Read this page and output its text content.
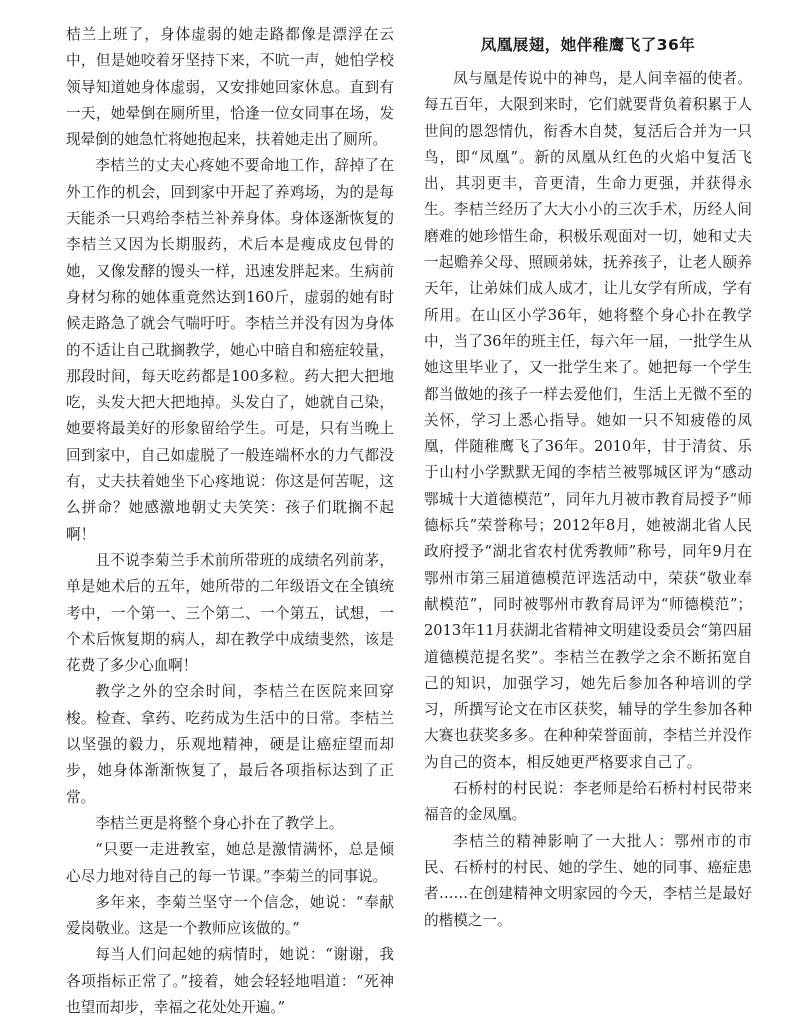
桔兰上班了，身体虚弱的她走路都像是漂浮在云中，但是她咬着牙坚持下来，不吭一声，她怕学校领导知道她身体虚弱，又安排她回家休息。直到有一天，她晕倒在厕所里，恰逢一位女同事在场，发现晕倒的她急忙将她抱起来，扶着她走出了厕所。

李桔兰的丈夫心疼她不要命地工作，辞掉了在外工作的机会，回到家中开起了养鸡场，为的是每天能杀一只鸡给李桔兰补养身体。身体逐渐恢复的李桔兰又因为长期服药，术后本是瘦成皮包骨的她，又像发酵的馒头一样，迅速发胖起来。生病前身材匀称的她体重竟然达到160斤，虚弱的她有时候走路急了就会气喘吁吁。李桔兰并没有因为身体的不适让自己耽搁教学，她心中暗自和癌症较量，那段时间，每天吃药都是100多粒。药大把大把地吃，头发大把大把地掉。头发白了，她就自己染，她要将最美好的形象留给学生。可是，只有当晚上回到家中，自己如虚脱了一般连端杯水的力气都没有，丈夫扶着她坐下心疼地说：你这是何苦呢，这么拼命？她感激地朝丈夫笑笑：孩子们耽搁不起啊！

且不说李菊兰手术前所带班的成绩名列前茅，单是她术后的五年，她所带的二年级语文在全镇统考中，一个第一、三个第二、一个第五，试想，一个术后恢复期的病人，却在教学中成绩斐然，该是花费了多少心血啊！

教学之外的空余时间，李桔兰在医院来回穿梭。检查、拿药、吃药成为生活中的日常。李桔兰以坚强的毅力，乐观地精神，硬是让癌症望而却步，她身体渐渐恢复了，最后各项指标达到了正常。

李桔兰更是将整个身心扑在了教学上。

“只要一走进教室，她总是激情满怀，总是倾心尽力地对待自己的每一节课。”李菊兰的同事说。

多年来，李菊兰坚守一个信念，她说：“奉献爱岗敬业。这是一个教师应该做的。”

每当人们问起她的病情时，她说：“谢谢，我各项指标正常了。”接着，她会轻轻地唱道：“死神也望而却步，幸福之花处处开遍。”

凤凰展翅，她伴稚鹰飞了36年

凤与凰是传说中的神鸟，是人间幸福的使者。每五百年，大限到来时，它们就要背负着积累于人世间的恩怨情仇，衔香木自焚，复活后合并为一只鸟，即“凤凰”。新的凤凰从红色的火焰中复活飞出，其羽更丰，音更清，生命力更强，并获得永生。李桔兰经历了大大小小的三次手术，历经人间磨难的她珍惜生命，积极乐观面对一切，她和丈夫一起赡养父母、照顾弟妹，抚养孩子，让老人颐养天年，让弟妹们成人成才，让儿女学有所成，学有所用。在山区小学36年，她将整个身心扑在教学中，当了36年的班主任，每六年一届，一批学生从她这里毕业了，又一批学生来了。她把每一个学生都当做她的孩子一样去爱他们，生活上无微不至的关怀，学习上悉心指导。她如一只不知疲倦的凤凰，伴随稚鹰飞了36年。2010年，甘于清贫、乐于山村小学默默无闻的李桔兰被鄂城区评为“感动鄂城十大道德模范”，同年九月被市教育局授予“师德标兵”荣誉称号；2012年8月，她被湖北省人民政府授予“湖北省农村优秀教师”称号，同年9月在鄂州市第三届道德模范评选活动中，荣获“敬业奉献模范”，同时被鄂州市教育局评为“师德模范”；2013年11月获湖北省精神文明建设委员会“第四届道德模范提名奖”。李桔兰在教学之余不断拓宽自己的知识，加强学习，她先后参加各种培训的学习，所撰写论文在市区获奖，辅导的学生参加各种大赛也获奖多多。在种种荣誉面前，李桔兰并没作为自己的资本，相反她更严格要求自己了。

石桥村的村民说：李老师是给石桥村村民带来福音的金凤凰。

李桔兰的精神影响了一大批人：鄂州市的市民、石桥村的村民、她的学生、她的同事、癌症患者……在创建精神文明家园的今天，李桔兰是最好的楷模之一。
